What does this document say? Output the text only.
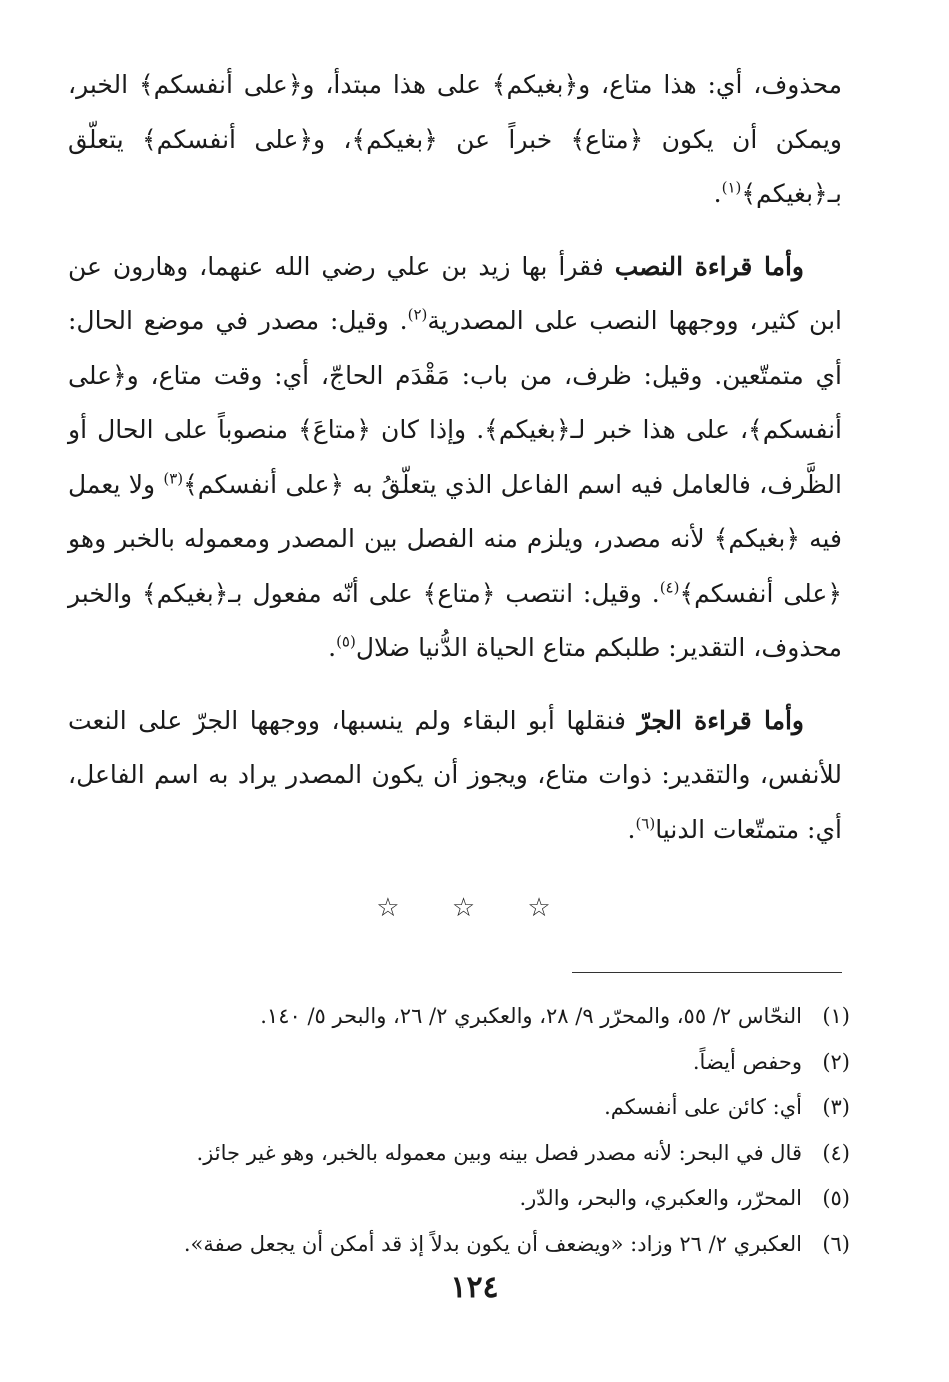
محذوف، أي: هذا متاع، و﴿بغيكم﴾ على هذا مبتدأ، و﴿على أنفسكم﴾ الخبر، ويمكن أن يكون ﴿متاع﴾ خبراً عن ﴿بغيكم﴾، و﴿على أنفسكم﴾ يتعلّق بـ﴿بغيكم﴾$^{(١)}$.

وأما قراءة النصب فقرأ بها زيد بن علي رضي الله عنهما، وهارون عن ابن كثير، ووجهها النصب على المصدرية$^{(٢)}$. وقيل: مصدر في موضع الحال: أي متمتّعين. وقيل: ظرف، من باب: مَقْدَم الحاجّ، أي: وقت متاع، و﴿على أنفسكم﴾، على هذا خبر لـ﴿بغيكم﴾. وإذا كان ﴿متاعَ﴾ منصوباً على الحال أو الظَّرف، فالعامل فيه اسم الفاعل الذي يتعلّقُ به ﴿على أنفسكم﴾$^{(٣)}$ ولا يعمل فيه ﴿بغيكم﴾ لأنه مصدر، ويلزم منه الفصل بين المصدر ومعموله بالخبر وهو ﴿على أنفسكم﴾$^{(٤)}$. وقيل: انتصب ﴿متاع﴾ على أنّه مفعول بـ﴿بغيكم﴾ والخبر محذوف، التقدير: طلبكم متاع الحياة الدُّنيا ضلال$^{(٥)}$.

وأما قراءة الجرّ فنقلها أبو البقاء ولم ينسبها، ووجهها الجرّ على النعت للأنفس، والتقدير: ذوات متاع، ويجوز أن يكون المصدر يراد به اسم الفاعل، أي: متمتّعات الدنيا$^{(٦)}$.

☆ ☆ ☆
(١)
النحّاس ٢/ ٥٥، والمحرّر ٩/ ٢٨، والعكبري ٢/ ٢٦، والبحر ٥/ ١٤٠.
(٢)
وحفص أيضاً.
(٣)
أي: كائن على أنفسكم.
(٤)
قال في البحر: لأنه مصدر فصل بينه وبين معموله بالخبر، وهو غير جائز.
(٥)
المحرّر، والعكبري، والبحر، والدّر.
(٦)
العكبري ٢/ ٢٦ وزاد: «ويضعف أن يكون بدلاً إذ قد أمكن أن يجعل صفة».
١٢٤
